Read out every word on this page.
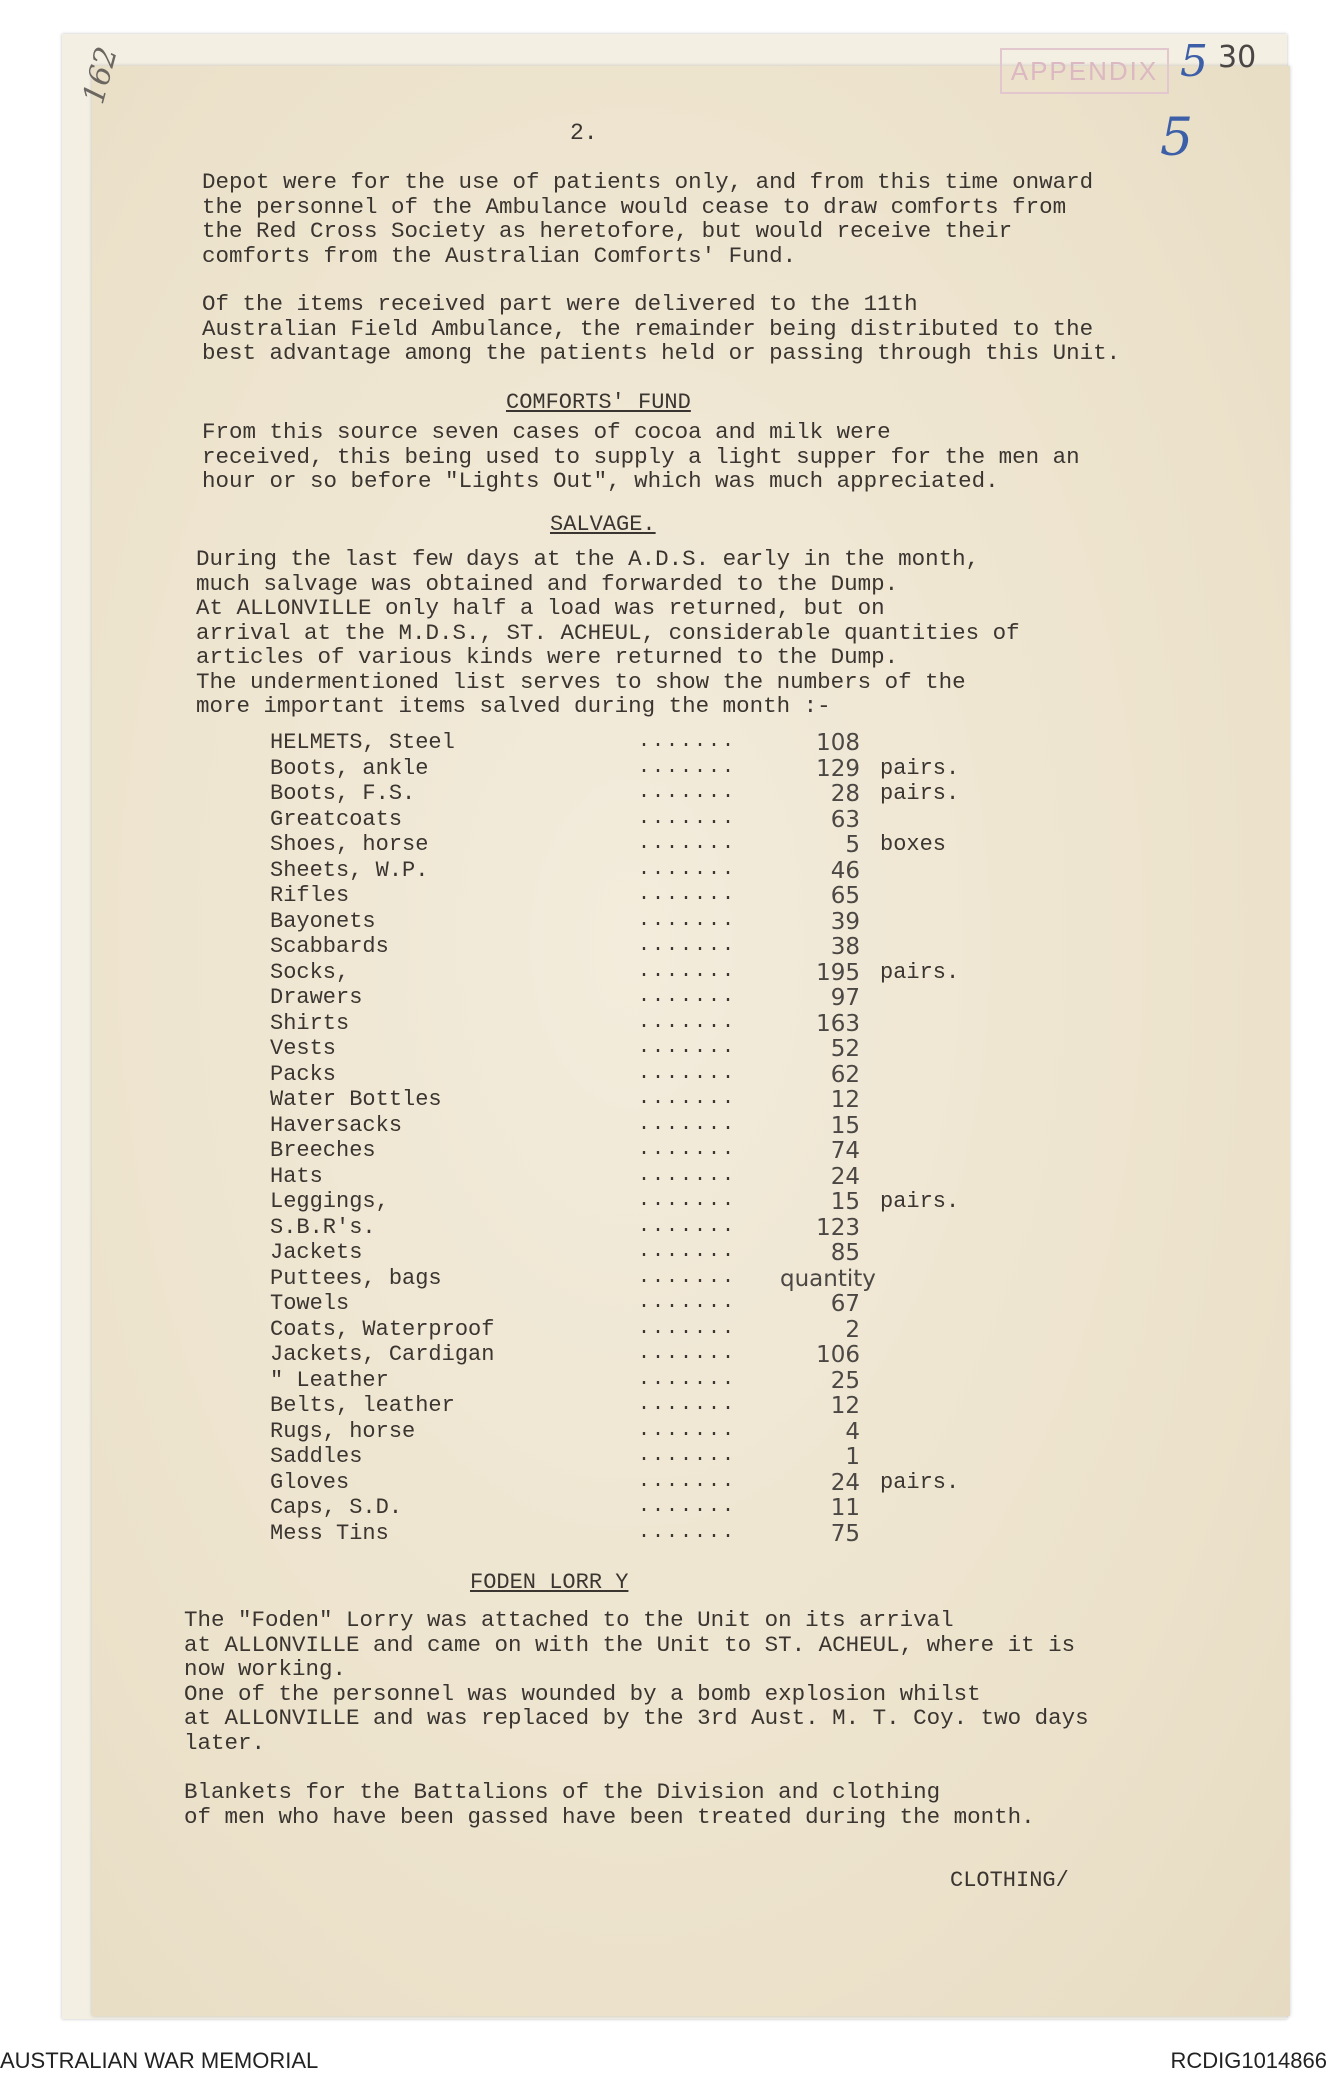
162	APPENDIX 5 30
5
2.

Depot were for the use of patients only, and from this time onward
the personnel of the Ambulance would cease to draw comforts from
the Red Cross Society as heretofore, but would receive their
comforts from the Australian Comforts' Fund.

Of the items received part were delivered to the 11th
Australian Field Ambulance, the remainder being distributed to the
best advantage among the patients held or passing through this Unit.

COMFORTS' FUND

From this source seven cases of cocoa and milk were
received, this being used to supply a light supper for the men an
hour or so before "Lights Out", which was much appreciated.

SALVAGE.

During the last few days at the A.D.S. early in the month,
much salvage was obtained and forwarded to the Dump.
At ALLONVILLE only half a load was returned, but on
arrival at the M.D.S., ST. ACHEUL, considerable quantities of
articles of various kinds were returned to the Dump.
The undermentioned list serves to show the numbers of the
more important items salved during the month :-

HELMETS, Steel	.......	108
Boots, ankle	.......	129 pairs.
Boots, F.S.	.......	28 pairs.
Greatcoats	.......	63
Shoes, horse	.......	5 boxes
Sheets, W.P.	.......	46
Rifles	.......	65
Bayonets	.......	39
Scabbards	.......	38
Socks,	.......	195 pairs.
Drawers	.......	97
Shirts	.......	163
Vests	.......	52
Packs	.......	62
Water Bottles	.......	12
Haversacks	.......	15
Breeches	.......	74
Hats	.......	24
Leggings,	.......	15 pairs.
S.B.R's.	.......	123
Jackets	.......	85
Puttees, bags	....... quantity
Towels	.......	67
Coats, Waterproof	.......	2
Jackets, Cardigan	.......	106
" Leather	.......	25
Belts, leather	.......	12
Rugs, horse	.......	4
Saddles	.......	1
Gloves	.......	24 pairs.
Caps, S.D.	.......	11
Mess Tins	.......	75
FODEN LORR Y

The "Foden" Lorry was attached to the Unit on its arrival
at ALLONVILLE and came on with the Unit to ST. ACHEUL, where it is
now working.
One of the personnel was wounded by a bomb explosion whilst
at ALLONVILLE and was replaced by the 3rd Aust. M. T. Coy. two days
later.

Blankets for the Battalions of the Division and clothing
of men who have been gassed have been treated during the month.

CLOTHING/
AUSTRALIAN WAR MEMORIAL	RCDIG1014866
